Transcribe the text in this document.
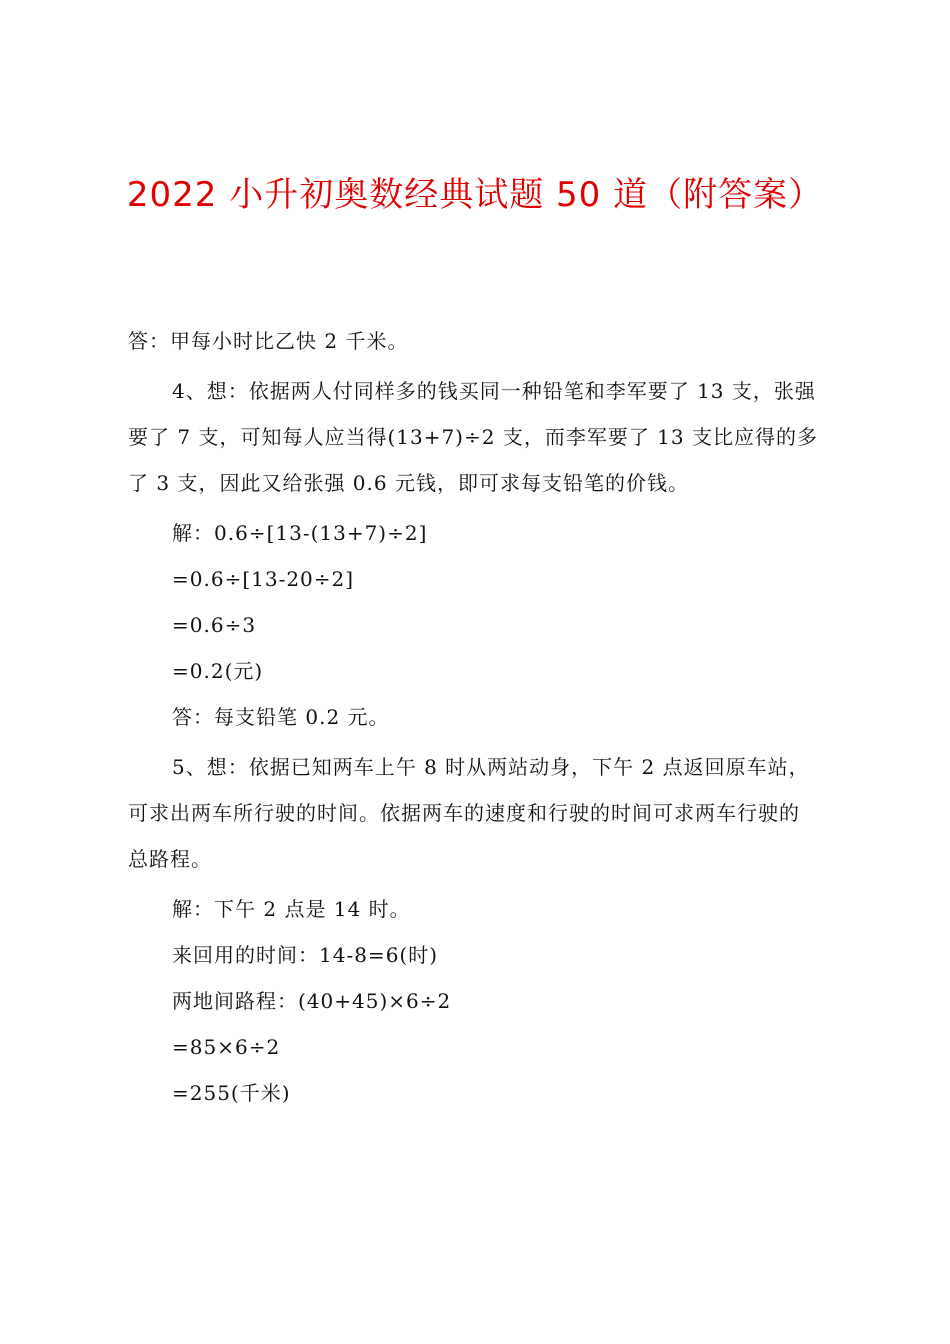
2022 小升初奥数经典试题 50 道（附答案）
答：甲每小时比乙快 2 千米。
4、想：依据两人付同样多的钱买同一种铅笔和李军要了 13 支，张强
要了 7 支，可知每人应当得(13+7)÷2 支，而李军要了 13 支比应得的多
了 3 支，因此又给张强 0.6 元钱，即可求每支铅笔的价钱。
解：0.6÷[13-(13+7)÷2]
=0.6÷[13-20÷2]
=0.6÷3
=0.2(元)
答：每支铅笔 0.2 元。
5、想：依据已知两车上午 8 时从两站动身，下午 2 点返回原车站，
可求出两车所行驶的时间。依据两车的速度和行驶的时间可求两车行驶的
总路程。
解：下午 2 点是 14 时。
来回用的时间：14-8=6(时)
两地间路程：(40+45)×6÷2
=85×6÷2
=255(千米)
